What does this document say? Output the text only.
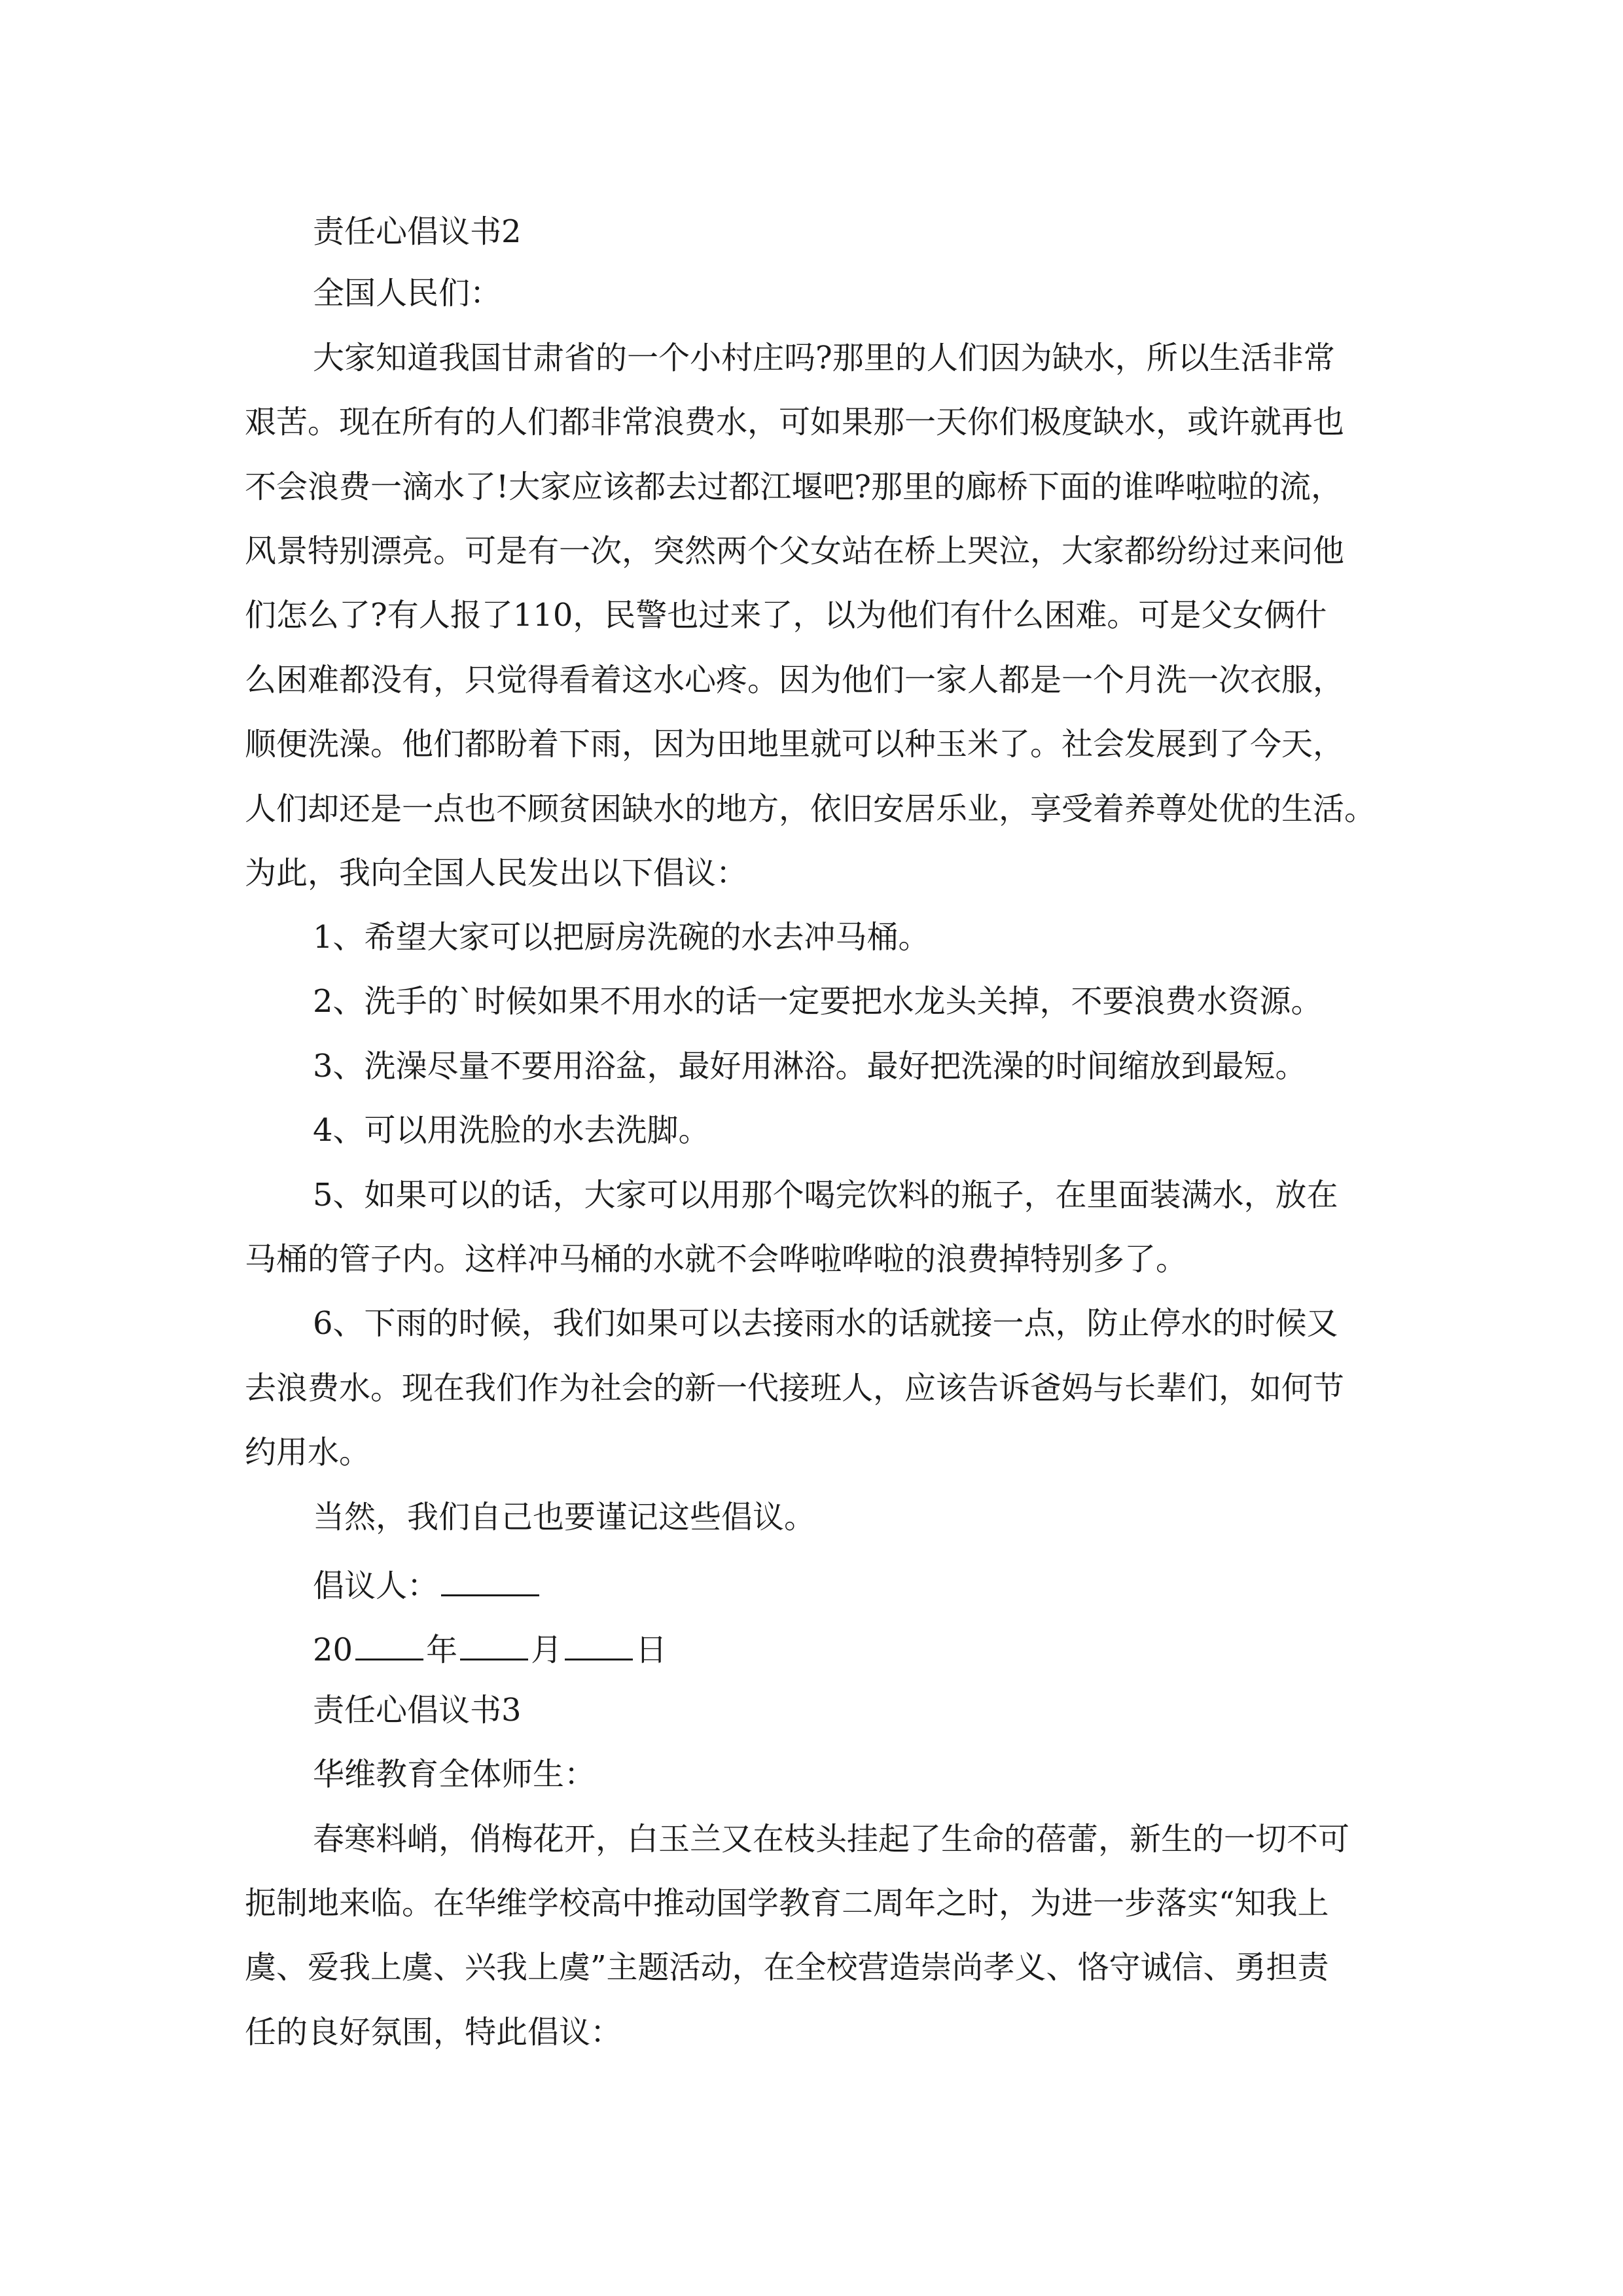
责任心倡议书2
全国人民们：
大家知道我国甘肃省的一个小村庄吗?那里的人们因为缺水，所以生活非常
艰苦。现在所有的人们都非常浪费水，可如果那一天你们极度缺水，或许就再也
不会浪费一滴水了!大家应该都去过都江堰吧?那里的廊桥下面的谁哗啦啦的流，
风景特别漂亮。可是有一次，突然两个父女站在桥上哭泣，大家都纷纷过来问他
们怎么了?有人报了110，民警也过来了，以为他们有什么困难。可是父女俩什
么困难都没有，只觉得看着这水心疼。因为他们一家人都是一个月洗一次衣服，
顺便洗澡。他们都盼着下雨，因为田地里就可以种玉米了。社会发展到了今天，
人们却还是一点也不顾贫困缺水的地方，依旧安居乐业，享受着养尊处优的生活。
为此，我向全国人民发出以下倡议：
1、希望大家可以把厨房洗碗的水去冲马桶。
2、洗手的`时候如果不用水的话一定要把水龙头关掉，不要浪费水资源。
3、洗澡尽量不要用浴盆，最好用淋浴。最好把洗澡的时间缩放到最短。
4、可以用洗脸的水去洗脚。
5、如果可以的话，大家可以用那个喝完饮料的瓶子，在里面装满水，放在
马桶的管子内。这样冲马桶的水就不会哗啦哗啦的浪费掉特别多了。
6、下雨的时候，我们如果可以去接雨水的话就接一点，防止停水的时候又
去浪费水。现在我们作为社会的新一代接班人，应该告诉爸妈与长辈们，如何节
约用水。
当然，我们自己也要谨记这些倡议。
倡议人：
20 年 月 日
责任心倡议书3
华维教育全体师生：
春寒料峭，俏梅花开，白玉兰又在枝头挂起了生命的蓓蕾，新生的一切不可
扼制地来临。在华维学校高中推动国学教育二周年之时，为进一步落实“知我上
虞、爱我上虞、兴我上虞”主题活动，在全校营造崇尚孝义、恪守诚信、勇担责
任的良好氛围，特此倡议：
